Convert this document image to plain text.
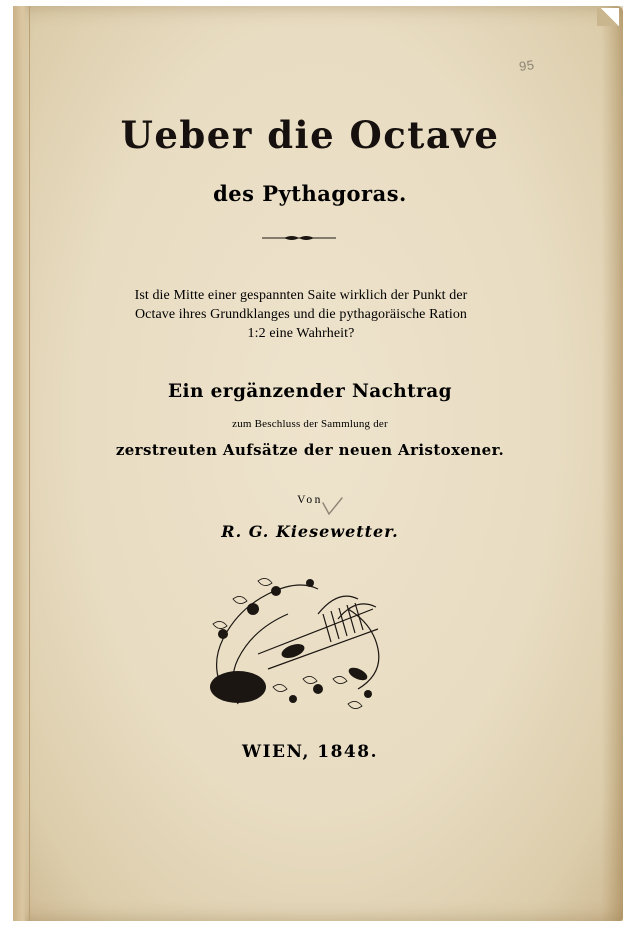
95
Ueber die Octave
des Pythagoras.

Ist die Mitte einer gespannten Saite wirklich der Punkt der
Octave ihres Grundklanges und die pythagoräische Ration
1:2 eine Wahrheit?

Ein ergänzender Nachtrag

zum Beschluss der Sammlung der

zerstreuten Aufsätze der neuen Aristoxener.

Von

R. G. Kiesewetter.

WIEN, 1848.
